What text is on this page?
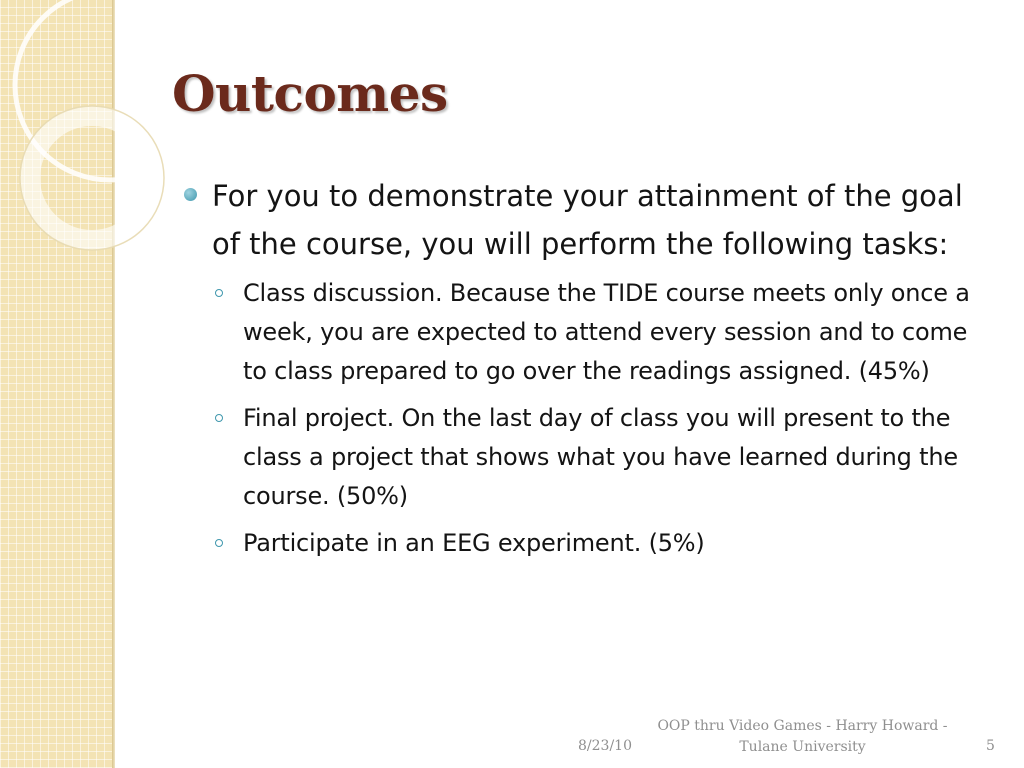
Outcomes
For you to demonstrate your attainment of the goal of the course, you will perform the following tasks:
Class discussion. Because the TIDE course meets only once a week, you are expected to attend every session and to come to class prepared to go over the readings assigned. (45%)
Final project. On the last day of class you will present to the class a project that shows what you have learned during the course. (50%)
Participate in an EEG experiment. (5%)
8/23/10
OOP thru Video Games - Harry Howard -
Tulane University	5
